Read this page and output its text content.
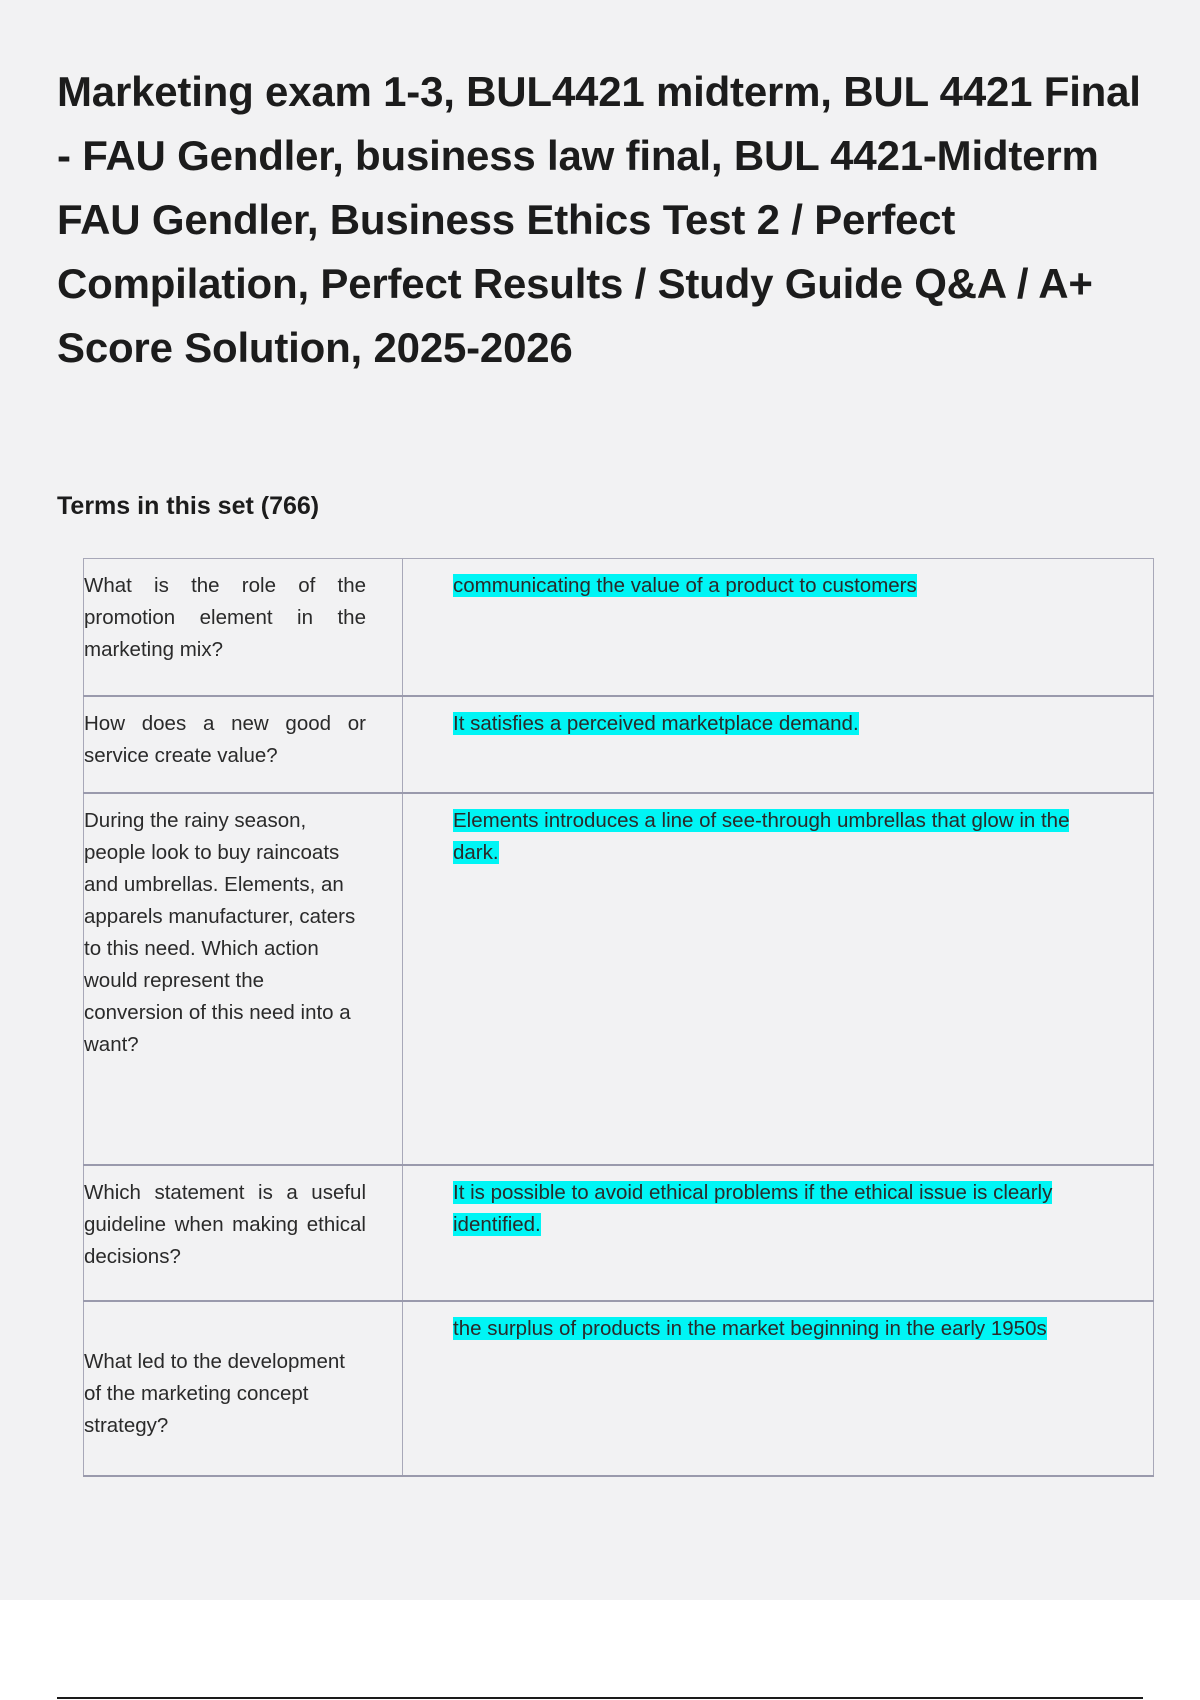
Marketing exam 1-3, BUL4421 midterm, BUL 4421 Final - FAU Gendler, business law final, BUL 4421-Midterm FAU Gendler, Business Ethics Test 2 / Perfect Compilation, Perfect Results / Study Guide Q&A / A+ Score Solution, 2025-2026
Terms in this set (766)
What is the role of the promotion element in the marketing mix?	communicating the value of a product to customers

How does a new good or service create value?	It satisfies a perceived marketplace demand.

During the rainy season, people look to buy raincoats and umbrellas. Elements, an apparels manufacturer, caters to this need. Which action would represent the conversion of this need into a want?	Elements introduces a line of see-through umbrellas that glow in the dark.

Which statement is a useful guideline when making ethical decisions?	It is possible to avoid ethical problems if the ethical issue is clearly identified.

What led to the development of the marketing concept strategy?	the surplus of products in the market beginning in the early 1950s
